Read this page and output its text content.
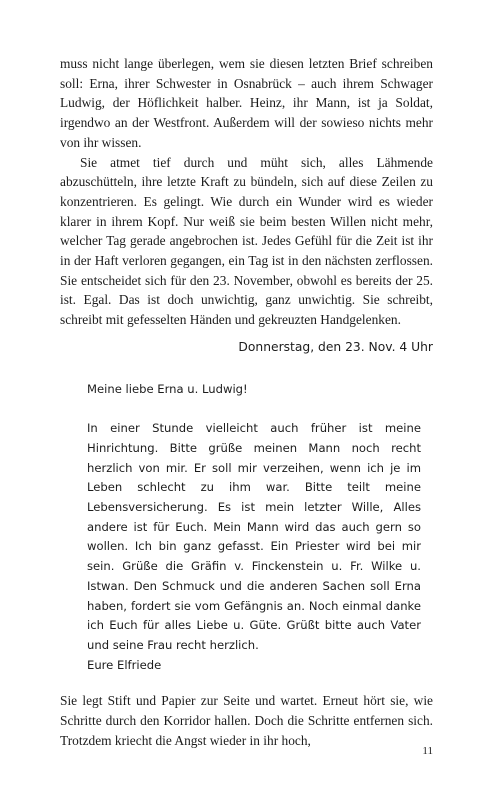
muss nicht lange überlegen, wem sie diesen letzten Brief schreiben soll: Erna, ihrer Schwester in Osnabrück – auch ihrem Schwager Ludwig, der Höflichkeit halber. Heinz, ihr Mann, ist ja Soldat, irgendwo an der Westfront. Außerdem will der sowieso nichts mehr von ihr wissen.

Sie atmet tief durch und müht sich, alles Lähmende abzuschütteln, ihre letzte Kraft zu bündeln, sich auf diese Zeilen zu konzentrieren. Es gelingt. Wie durch ein Wunder wird es wieder klarer in ihrem Kopf. Nur weiß sie beim besten Willen nicht mehr, welcher Tag gerade angebrochen ist. Jedes Gefühl für die Zeit ist ihr in der Haft verloren gegangen, ein Tag ist in den nächsten zerflossen. Sie entscheidet sich für den 23. November, obwohl es bereits der 25. ist. Egal. Das ist doch unwichtig, ganz unwichtig. Sie schreibt, schreibt mit gefesselten Händen und gekreuzten Handgelenken.

Donnerstag, den 23. Nov. 4 Uhr

Meine liebe Erna u. Ludwig!

In einer Stunde vielleicht auch früher ist meine Hinrichtung. Bitte grüße meinen Mann noch recht herzlich von mir. Er soll mir verzeihen, wenn ich je im Leben schlecht zu ihm war. Bitte teilt meine Lebensversicherung. Es ist mein letzter Wille, Alles andere ist für Euch. Mein Mann wird das auch gern so wollen. Ich bin ganz gefasst. Ein Priester wird bei mir sein. Grüße die Gräfin v. Finckenstein u. Fr. Wilke u. Istwan. Den Schmuck und die anderen Sachen soll Erna haben, fordert sie vom Gefängnis an. Noch einmal danke ich Euch für alles Liebe u. Güte. Grüßt bitte auch Vater und seine Frau recht herzlich.

Eure Elfriede

Sie legt Stift und Papier zur Seite und wartet. Erneut hört sie, wie Schritte durch den Korridor hallen. Doch die Schritte entfernen sich. Trotzdem kriecht die Angst wieder in ihr hoch,

11
